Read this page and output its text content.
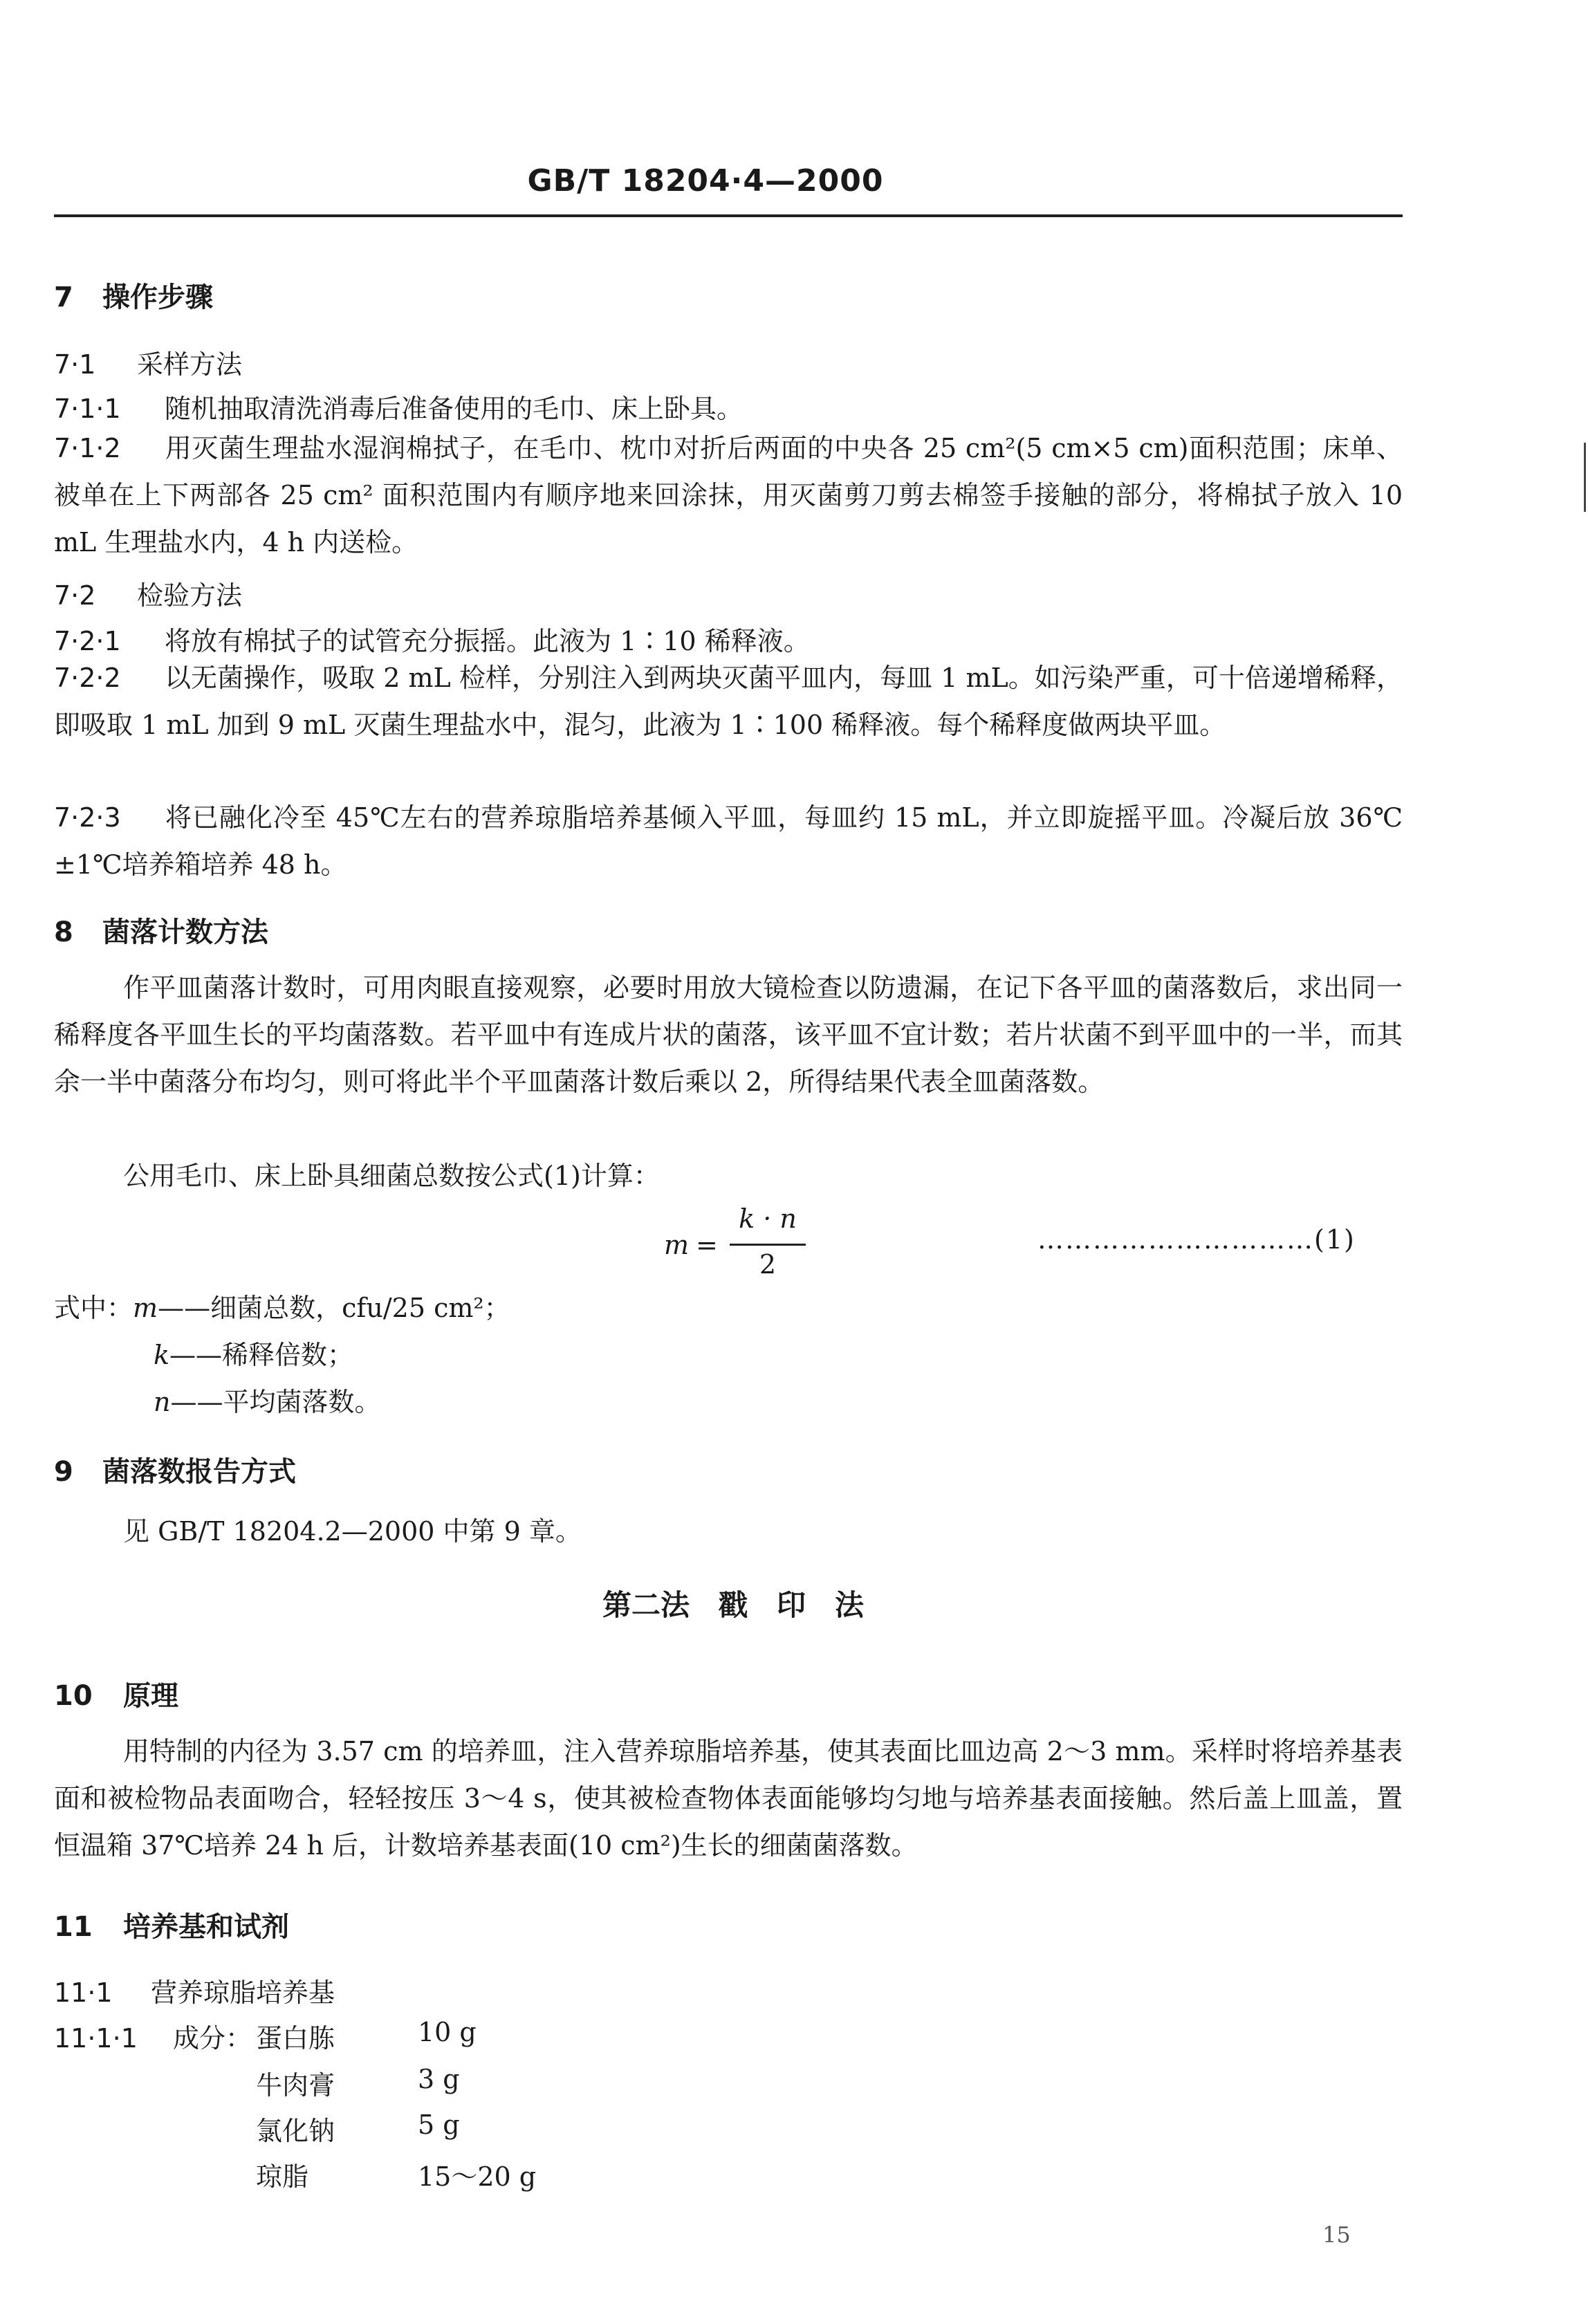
GB/T 18204·4—2000
7 操作步骤
7·1 采样方法
7·1·1 随机抽取清洗消毒后准备使用的毛巾、床上卧具。
7·1·2 用灭菌生理盐水湿润棉拭子，在毛巾、枕巾对折后两面的中央各 25 cm²(5 cm×5 cm)面积范围；床单、被单在上下两部各 25 cm² 面积范围内有顺序地来回涂抹，用灭菌剪刀剪去棉签手接触的部分，将棉拭子放入 10 mL 生理盐水内，4 h 内送检。
7·2 检验方法
7·2·1 将放有棉拭子的试管充分振摇。此液为 1∶10 稀释液。
7·2·2 以无菌操作，吸取 2 mL 检样，分别注入到两块灭菌平皿内，每皿 1 mL。如污染严重，可十倍递增稀释，即吸取 1 mL 加到 9 mL 灭菌生理盐水中，混匀，此液为 1∶100 稀释液。每个稀释度做两块平皿。
7·2·3 将已融化冷至 45℃左右的营养琼脂培养基倾入平皿，每皿约 15 mL，并立即旋摇平皿。冷凝后放 36℃±1℃培养箱培养 48 h。
8 菌落计数方法
作平皿菌落计数时，可用肉眼直接观察，必要时用放大镜检查以防遗漏，在记下各平皿的菌落数后，求出同一稀释度各平皿生长的平均菌落数。若平皿中有连成片状的菌落，该平皿不宜计数；若片状菌不到平皿中的一半，而其余一半中菌落分布均匀，则可将此半个平皿菌落计数后乘以 2，所得结果代表全皿菌落数。
公用毛巾、床上卧具细菌总数按公式(1)计算：
m =
k · n
2
…………………………(1)
式中：m——细菌总数，cfu/25 cm²；
k——稀释倍数；
n——平均菌落数。
9 菌落数报告方式
见 GB/T 18204.2—2000 中第 9 章。
第二法　戳　印　法
10 原理
用特制的内径为 3.57 cm 的培养皿，注入营养琼脂培养基，使其表面比皿边高 2～3 mm。采样时将培养基表面和被检物品表面吻合，轻轻按压 3～4 s，使其被检查物体表面能够均匀地与培养基表面接触。然后盖上皿盖，置恒温箱 37℃培养 24 h 后，计数培养基表面(10 cm²)生长的细菌菌落数。
11 培养基和试剂
11·1 营养琼脂培养基
11·1·1 成分： 蛋白胨	10 g
牛肉膏	3 g
氯化钠	5 g
琼脂	15～20 g
15
